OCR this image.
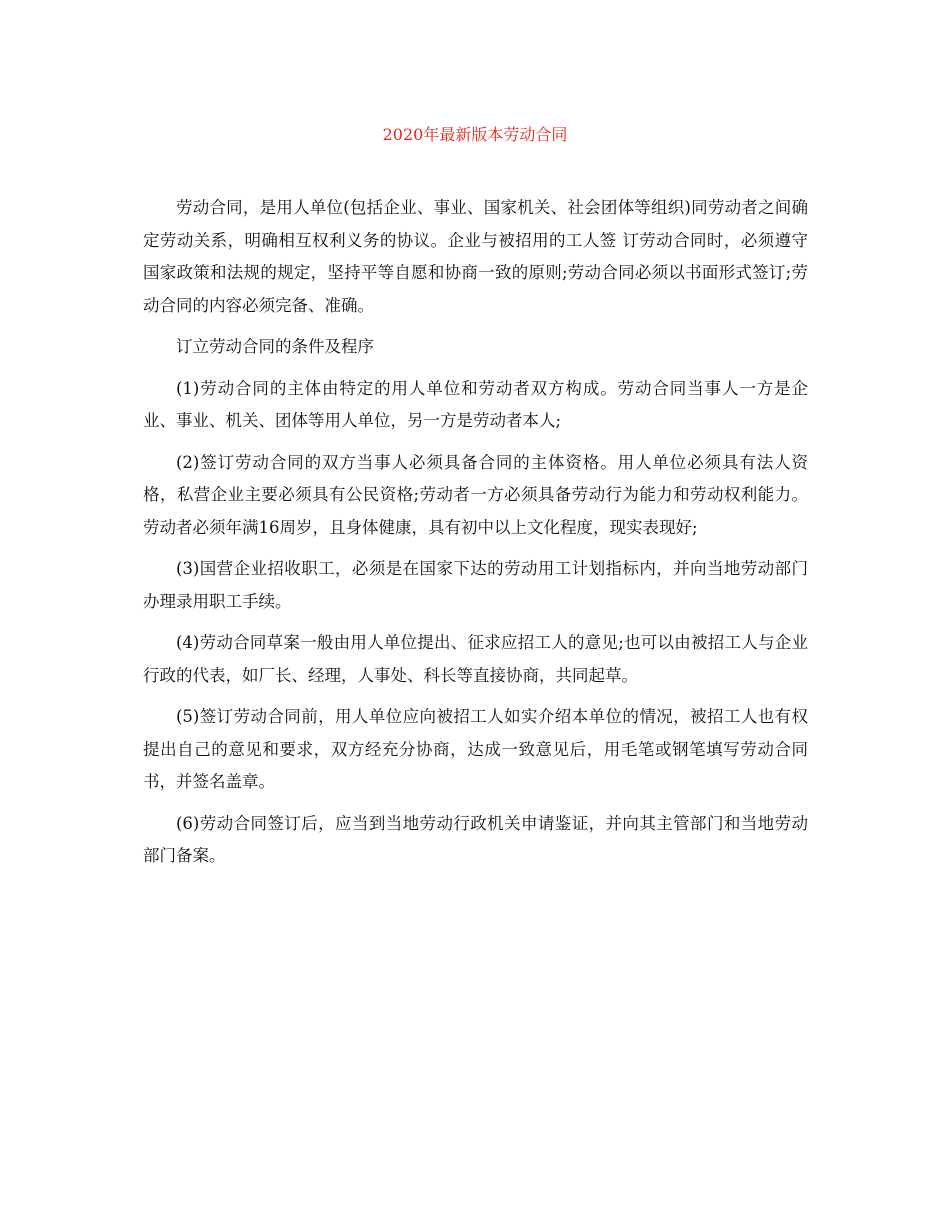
2020年最新版本劳动合同

劳动合同，是用人单位(包括企业、事业、国家机关、社会团体等组织)同劳动者之间确定劳动关系，明确相互权利义务的协议。企业与被招用的工人签 订劳动合同时，必须遵守国家政策和法规的规定，坚持平等自愿和协商一致的原则;劳动合同必须以书面形式签订;劳动合同的内容必须完备、准确。

订立劳动合同的条件及程序

(1)劳动合同的主体由特定的用人单位和劳动者双方构成。劳动合同当事人一方是企业、事业、机关、团体等用人单位，另一方是劳动者本人;

(2)签订劳动合同的双方当事人必须具备合同的主体资格。用人单位必须具有法人资格，私营企业主要必须具有公民资格;劳动者一方必须具备劳动行为能力和劳动权利能力。劳动者必须年满16周岁，且身体健康，具有初中以上文化程度，现实表现好;

(3)国营企业招收职工，必须是在国家下达的劳动用工计划指标内，并向当地劳动部门办理录用职工手续。

(4)劳动合同草案一般由用人单位提出、征求应招工人的意见;也可以由被招工人与企业行政的代表，如厂长、经理，人事处、科长等直接协商，共同起草。

(5)签订劳动合同前，用人单位应向被招工人如实介绍本单位的情况，被招工人也有权提出自己的意见和要求，双方经充分协商，达成一致意见后，用毛笔或钢笔填写劳动合同书，并签名盖章。

(6)劳动合同签订后，应当到当地劳动行政机关申请鉴证，并向其主管部门和当地劳动部门备案。
